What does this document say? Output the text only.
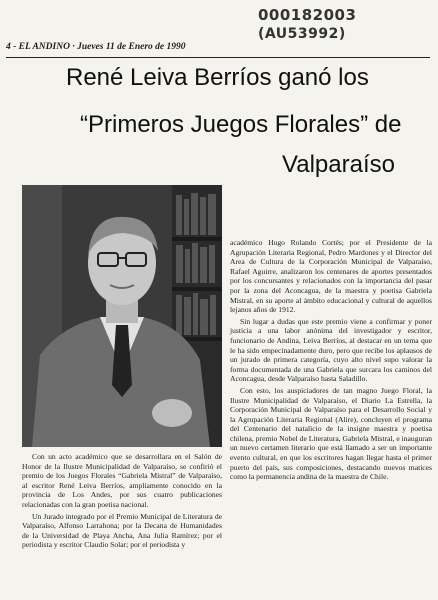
000182003
(AU53992)
4 - EL ANDINO · Jueves 11 de Enero de 1990
René Leiva Berríos ganó los
“Primeros Juegos Florales” de
Valparaíso

Con un acto académico que se desarrollara en el Salón de Honor de la Ilustre Municipalidad de Valparaíso, se confirió el premio de los Juegos Florales “Gabriela Mistral” de Valparaíso, al escritor René Leiva Berríos, ampliamente conocido en la provincia de Los Andes, por sus cuatro publicaciones relacionadas con la gran poetisa nacional.

Un Jurado integrado por el Premio Municipal de Literatura de Valparaíso, Alfonso Larrahona; por la Decana de Humanidades de la Universidad de Playa Ancha, Ana Julia Ramírez; por el periodista y escritor Claudio Solar; por el periodista y

académico Hugo Rolando Cortés; por el Presidente de la Agrupación Literaria Regional, Pedro Mardones y el Director del Area de Cultura de la Corporación Municipal de Valparaíso, Rafael Aguirre, analizaron los centenares de aportes presentados por los concursantes y relacionados con la importancia del pasar por la zona del Aconcagua, de la maestra y poetisa Gabriela Mistral, en su aporte al ámbito educacional y cultural de aquellos lejanos años de 1912.

Sin lugar a dudas que este premio viene a confirmar y poner justicia a una labor anónima del investigador y escritor, funcionario de Andina, Leiva Berríos, al destacar en un tema que le ha sido empecinadamente duro, pero que recibe los aplausos de un jurado de primera categoría, cuyo alto nivel supo valorar la forma documentada de una Gabriela que surcara los caminos del Aconcagua, desde Valparaíso hasta Saladillo.

Con esto, los auspiciadores de tan magno Juego Floral, la Ilustre Municipalidad de Valparaíso, el Diario La Estrella, la Corporación Municipal de Valparaíso para el Desarrollo Social y la Agrupación Literaria Regional (Alire), concluyen el programa del Centenario del natalicio de la insigne maestra y poetisa chilena, premio Nobel de Literatura, Gabriela Mistral, e inauguran un nuevo certamen literario que está llamado a ser un importante evento cultural, en que los escritores hagan llegar hasta el primer puerto del país, sus composiciones, destacando nuevos matices como la permanencia andina de la maestra de Chile.
